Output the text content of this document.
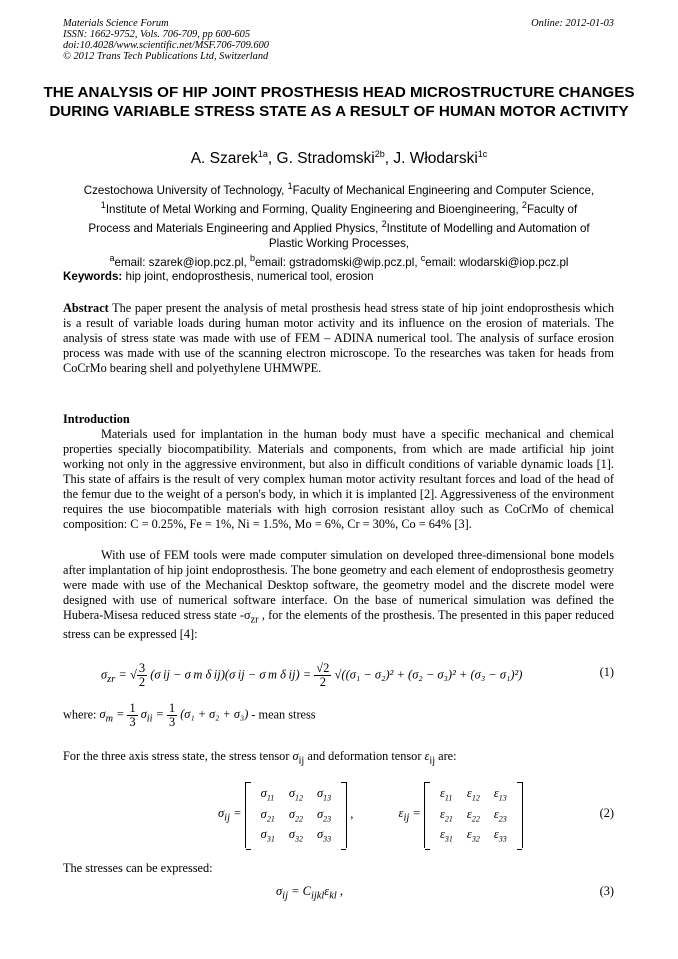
Materials Science Forum
ISSN: 1662-9752, Vols. 706-709, pp 600-605
doi:10.4028/www.scientific.net/MSF.706-709.600
© 2012 Trans Tech Publications Ltd, Switzerland
Online: 2012-01-03
THE ANALYSIS OF HIP JOINT PROSTHESIS HEAD MICROSTRUCTURE CHANGES DURING VARIABLE STRESS STATE AS A RESULT OF HUMAN MOTOR ACTIVITY
A. Szarek$^{1a}$, G. Stradomski$^{2b}$, J. Włodarski$^{1c}$
Czestochowa University of Technology, $^1$Faculty of Mechanical Engineering and Computer Science, $^1$Institute of Metal Working and Forming, Quality Engineering and Bioengineering, $^2$Faculty of Process and Materials Engineering and Applied Physics, $^2$Institute of Modelling and Automation of Plastic Working Processes,
$^a$email: szarek@iop.pcz.pl, $^b$email: gstradomski@wip.pcz.pl, $^c$email: wlodarski@iop.pcz.pl
Keywords: hip joint, endoprosthesis, numerical tool, erosion
Abstract The paper present the analysis of metal prosthesis head stress state of hip joint endoprosthesis which is a result of variable loads during human motor activity and its influence on the erosion of materials. The analysis of stress state was made with use of FEM – ADINA numerical tool. The analysis of surface erosion process was made with use of the scanning electron microscope. To the researches was taken for heads from CoCrMo bearing shell and polyethylene UHMWPE.
Introduction
Materials used for implantation in the human body must have a specific mechanical and chemical properties specially biocompatibility. Materials and components, from which are made artificial hip joint working not only in the aggressive environment, but also in difficult conditions of variable dynamic loads [1]. This state of affairs is the result of very complex human motor activity resultant forces and load of the head of the femur due to the weight of a person's body, in which it is implanted [2]. Aggressiveness of the environment requires the use biocompatible materials with high corrosion resistant alloy such as CoCrMo of chemical composition: C = 0.25%, Fe = 1%, Ni = 1.5%, Mo = 6%, Cr = 30%, Co = 64% [3].
With use of FEM tools were made computer simulation on developed three-dimensional bone models after implantation of hip joint endoprosthesis. The bone geometry and each element of endoprosthesis geometry were made with use of the Mechanical Desktop software, the geometry model and the discrete model were designed with use of numerical software interface. On the base of numerical simulation was defined the Hubera-Misesa reduced stress state $-\sigma_{zr}$ , for the elements of the prosthesis. The presented in this paper reduced stress can be expressed [4]:
$\sigma_{zr}$ = √ $\frac{3}{2} (\sigma$ ij − σ m δ ij)(σ ij − σ m δ $ij) = \frac{√2}{2} √((\sigma_1 - \sigma_2)^2 + (\sigma_2 - \sigma_3)^2 + (\sigma_3 - \sigma_1)^2)$	(1)
where: $\sigma_m = \frac{1}{3} \sigma_{ii} = \frac{1}{3} (\sigma_1 + \sigma_2 + \sigma_3)$ - mean stress
For the three axis stress state, the stress tensor $\sigma_{ij}$ and deformation tensor $\varepsilon_{ij}$ are:
$\sigma_{ij}$ =
$\sigma_{11}$	$\sigma_{12}$	$\sigma_{13}$
$\sigma_{21}$	$\sigma_{22}$	$\sigma_{23}$
$\sigma_{31}$	$\sigma_{32}$	$\sigma_{33}$
,	$\varepsilon_{ij}$ =
$\varepsilon_{11}$	$\varepsilon_{12}$	$\varepsilon_{13}$
$\varepsilon_{21}$	$\varepsilon_{22}$	$\varepsilon_{23}$
$\varepsilon_{31}$	$\varepsilon_{32}$	$\varepsilon_{33}$
(2)
The stresses can be expressed:
$\sigma_{ij} = C_{ijkl}\varepsilon_{kl}$ ,	(3)
